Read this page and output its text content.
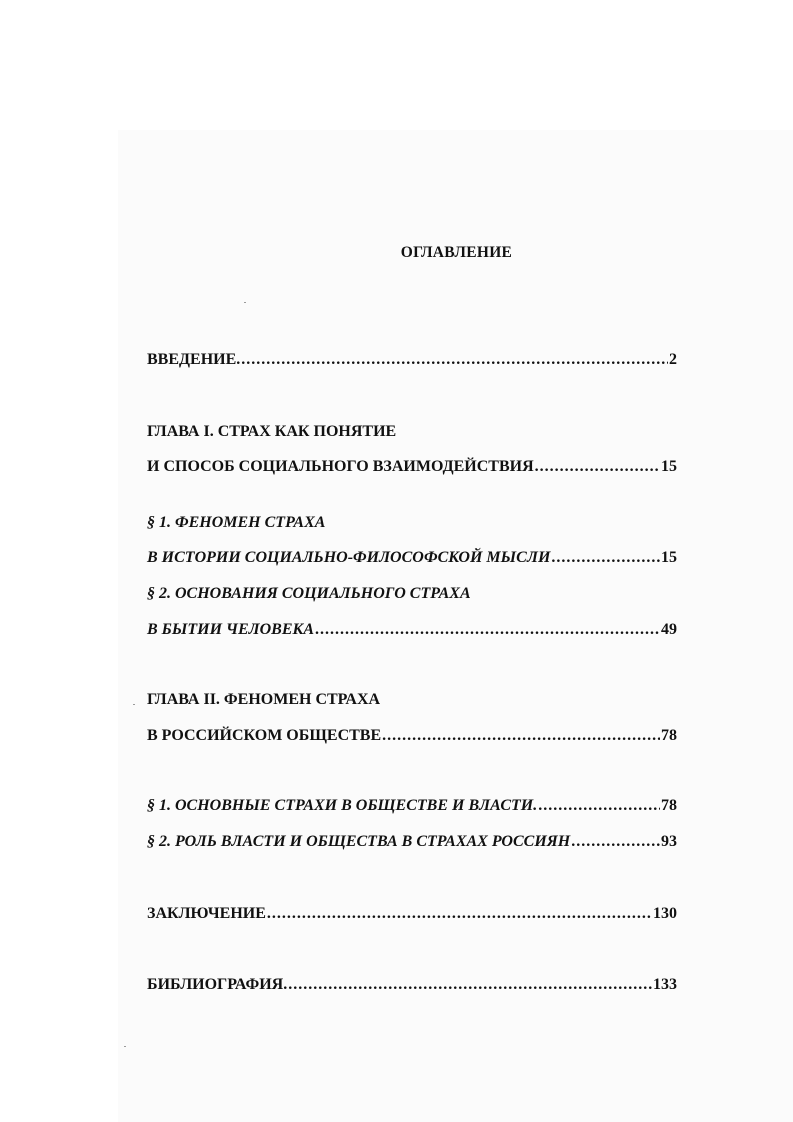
ОГЛАВЛЕНИЕ
ВВЕДЕНИЕ. .....	2
ГЛАВА I. СТРАХ КАК ПОНЯТИЕ
И СПОСОБ СОЦИАЛЬНОГО ВЗАИМОДЕЙСТВИЯ .....	15
§ 1. ФЕНОМЕН СТРАХА
В ИСТОРИИ СОЦИАЛЬНО-ФИЛОСОФСКОЙ МЫСЛИ .....	15
§ 2. ОСНОВАНИЯ СОЦИАЛЬНОГО СТРАХА
В БЫТИИ ЧЕЛОВЕКА .....	49
ГЛАВА II. ФЕНОМЕН СТРАХА
В РОССИЙСКОМ ОБЩЕСТВЕ .....	78
§ 1. ОСНОВНЫЕ СТРАХИ В ОБЩЕСТВЕ И ВЛАСТИ. .....	78
§ 2. РОЛЬ ВЛАСТИ И ОБЩЕСТВА В СТРАХАХ РОССИЯН .....	93
ЗАКЛЮЧЕНИЕ .....	130
БИБЛИОГРАФИЯ. .....	133
